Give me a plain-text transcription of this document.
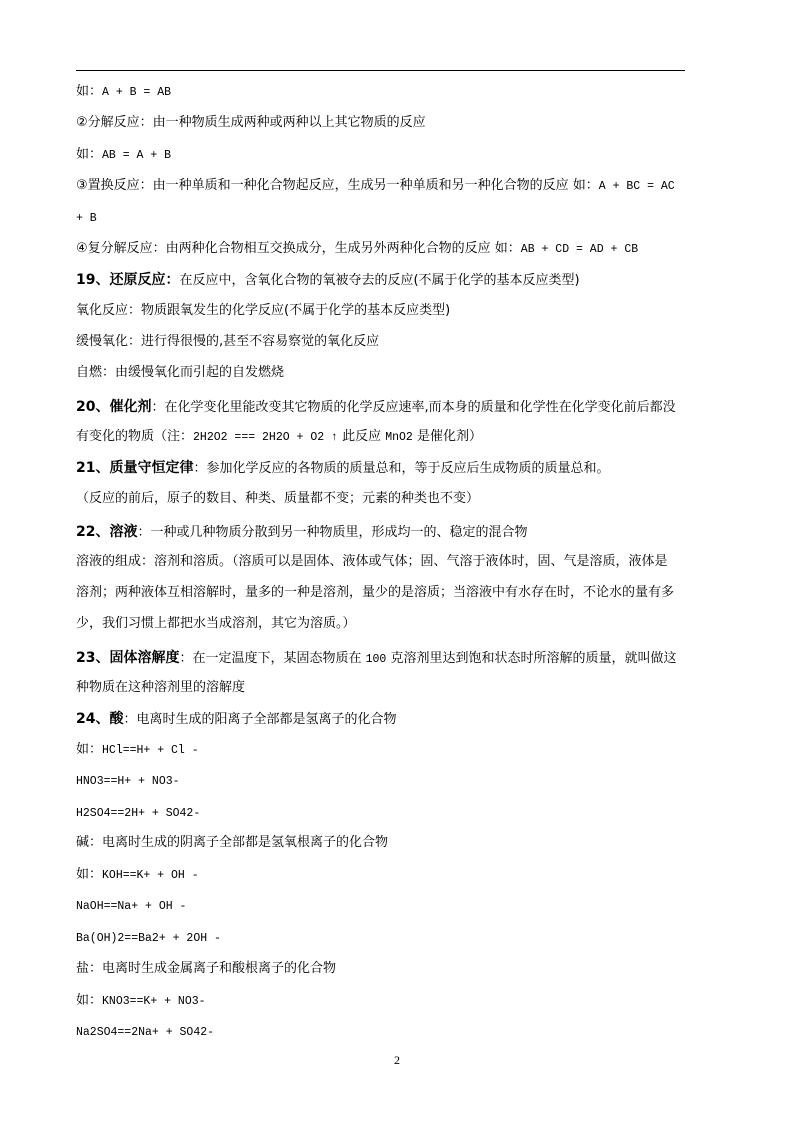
如：A + B = AB
②分解反应：由一种物质生成两种或两种以上其它物质的反应
如：AB = A + B
③置换反应：由一种单质和一种化合物起反应，生成另一种单质和另一种化合物的反应 如：A + BC = AC
+ B
④复分解反应：由两种化合物相互交换成分，生成另外两种化合物的反应 如：AB + CD = AD + CB
19、还原反应：在反应中，含氧化合物的氧被夺去的反应(不属于化学的基本反应类型)
氧化反应：物质跟氧发生的化学反应(不属于化学的基本反应类型)
缓慢氧化：进行得很慢的,甚至不容易察觉的氧化反应
自燃：由缓慢氧化而引起的自发燃烧
20、催化剂：在化学变化里能改变其它物质的化学反应速率,而本身的质量和化学性在化学变化前后都没
有变化的物质（注：2H2O2 === 2H2O + O2 ↑ 此反应 MnO2 是催化剂）
21、质量守恒定律：参加化学反应的各物质的质量总和，等于反应后生成物质的质量总和。
（反应的前后，原子的数目、种类、质量都不变；元素的种类也不变）
22、溶液：一种或几种物质分散到另一种物质里，形成均一的、稳定的混合物
溶液的组成：溶剂和溶质。（溶质可以是固体、液体或气体；固、气溶于液体时，固、气是溶质，液体是
溶剂；两种液体互相溶解时，量多的一种是溶剂，量少的是溶质；当溶液中有水存在时，不论水的量有多
少，我们习惯上都把水当成溶剂，其它为溶质。）
23、固体溶解度：在一定温度下，某固态物质在 100 克溶剂里达到饱和状态时所溶解的质量，就叫做这
种物质在这种溶剂里的溶解度
24、酸：电离时生成的阳离子全部都是氢离子的化合物
如：HCl==H+ + Cl -
HNO3==H+ + NO3-
H2SO4==2H+ + SO42-
碱：电离时生成的阴离子全部都是氢氧根离子的化合物
如：KOH==K+ + OH -
NaOH==Na+ + OH -
Ba(OH)2==Ba2+ + 2OH -
盐：电离时生成金属离子和酸根离子的化合物
如：KNO3==K+ + NO3-
Na2SO4==2Na+ + SO42-
2
